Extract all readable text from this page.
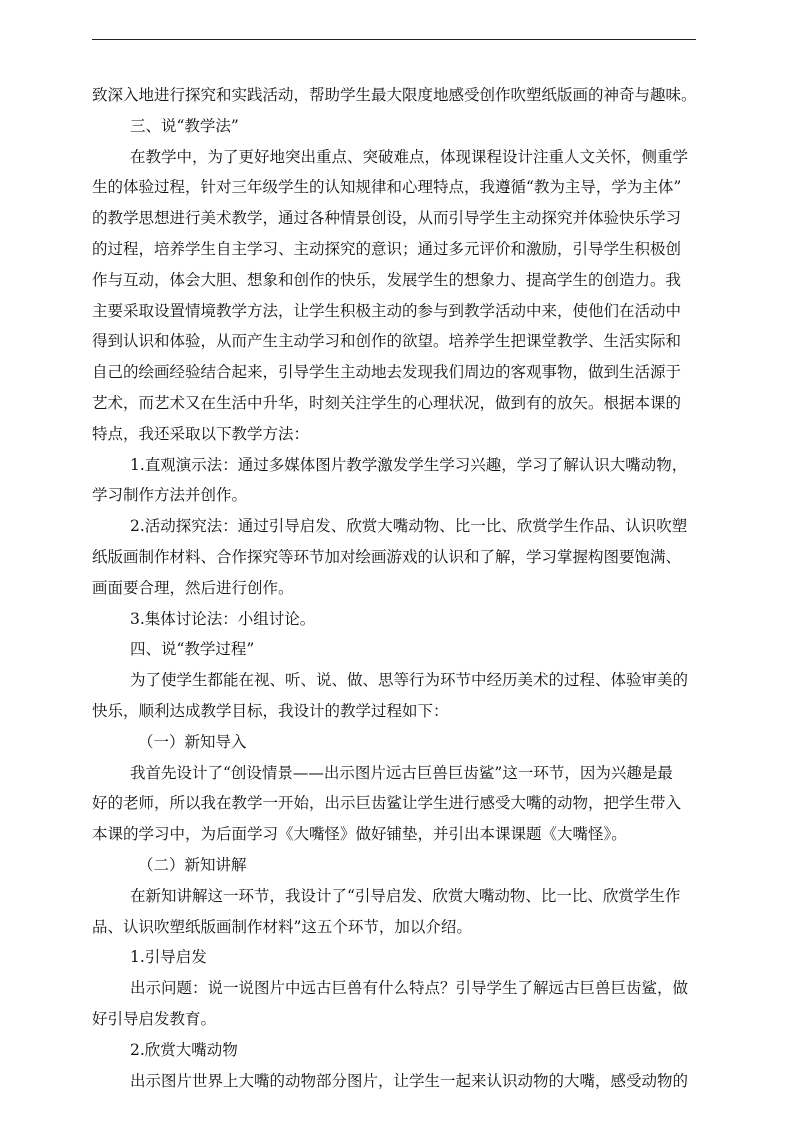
致深入地进行探究和实践活动，帮助学生最大限度地感受创作吹塑纸版画的神奇与趣味。
三、说“教学法”
在教学中，为了更好地突出重点、突破难点，体现课程设计注重人文关怀，侧重学
生的体验过程，针对三年级学生的认知规律和心理特点，我遵循“教为主导，学为主体”
的教学思想进行美术教学，通过各种情景创设，从而引导学生主动探究并体验快乐学习
的过程，培养学生自主学习、主动探究的意识；通过多元评价和激励，引导学生积极创
作与互动，体会大胆、想象和创作的快乐，发展学生的想象力、提高学生的创造力。我
主要采取设置情境教学方法，让学生积极主动的参与到教学活动中来，使他们在活动中
得到认识和体验，从而产生主动学习和创作的欲望。培养学生把课堂教学、生活实际和
自己的绘画经验结合起来，引导学生主动地去发现我们周边的客观事物，做到生活源于
艺术，而艺术又在生活中升华，时刻关注学生的心理状况，做到有的放矢。根据本课的
特点，我还采取以下教学方法：
1.直观演示法：通过多媒体图片教学激发学生学习兴趣，学习了解认识大嘴动物，
学习制作方法并创作。
2.活动探究法：通过引导启发、欣赏大嘴动物、比一比、欣赏学生作品、认识吹塑
纸版画制作材料、合作探究等环节加对绘画游戏的认识和了解，学习掌握构图要饱满、
画面要合理，然后进行创作。
3.集体讨论法：小组讨论。
四、说“教学过程”
为了使学生都能在视、听、说、做、思等行为环节中经历美术的过程、体验审美的
快乐，顺利达成教学目标，我设计的教学过程如下：
（一）新知导入
我首先设计了“创设情景——出示图片远古巨兽巨齿鲨”这一环节，因为兴趣是最
好的老师，所以我在教学一开始，出示巨齿鲨让学生进行感受大嘴的动物，把学生带入
本课的学习中，为后面学习《大嘴怪》做好铺垫，并引出本课课题《大嘴怪》。
（二）新知讲解
在新知讲解这一环节，我设计了“引导启发、欣赏大嘴动物、比一比、欣赏学生作
品、认识吹塑纸版画制作材料”这五个环节，加以介绍。
1.引导启发
出示问题：说一说图片中远古巨兽有什么特点？引导学生了解远古巨兽巨齿鲨，做
好引导启发教育。
2.欣赏大嘴动物
出示图片世界上大嘴的动物部分图片，让学生一起来认识动物的大嘴，感受动物的
